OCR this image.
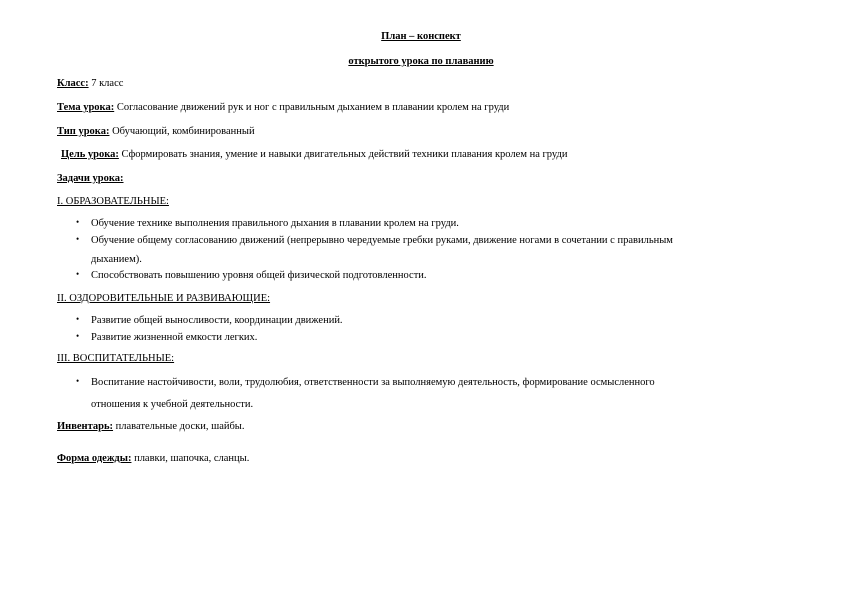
План – конспект
открытого урока по плаванию
Класс: 7 класс
Тема урока: Согласование движений рук и ног с правильным дыханием в плавании кролем на груди
Тип урока: Обучающий, комбинированный
Цель урока: Сформировать знания, умение и навыки двигательных действий техники плавания кролем на груди
Задачи урока:
I. ОБРАЗОВАТЕЛЬНЫЕ:
• Обучение технике выполнения правильного дыхания в плавании кролем на груди.
• Обучение общему согласованию движений (непрерывно чередуемые гребки руками, движение ногами в сочетании с правильным
дыханием).
• Способствовать повышению уровня общей физической подготовленности.
II. ОЗДОРОВИТЕЛЬНЫЕ И РАЗВИВАЮЩИЕ:
• Развитие общей выносливости, координации движений.
• Развитие жизненной емкости легких.
III. ВОСПИТАТЕЛЬНЫЕ:
• Воспитание настойчивости, воли, трудолюбия, ответственности за выполняемую деятельность, формирование осмысленного
отношения к учебной деятельности.
Инвентарь: плавательные доски, шайбы.
Форма одежды: плавки, шапочка, сланцы.
